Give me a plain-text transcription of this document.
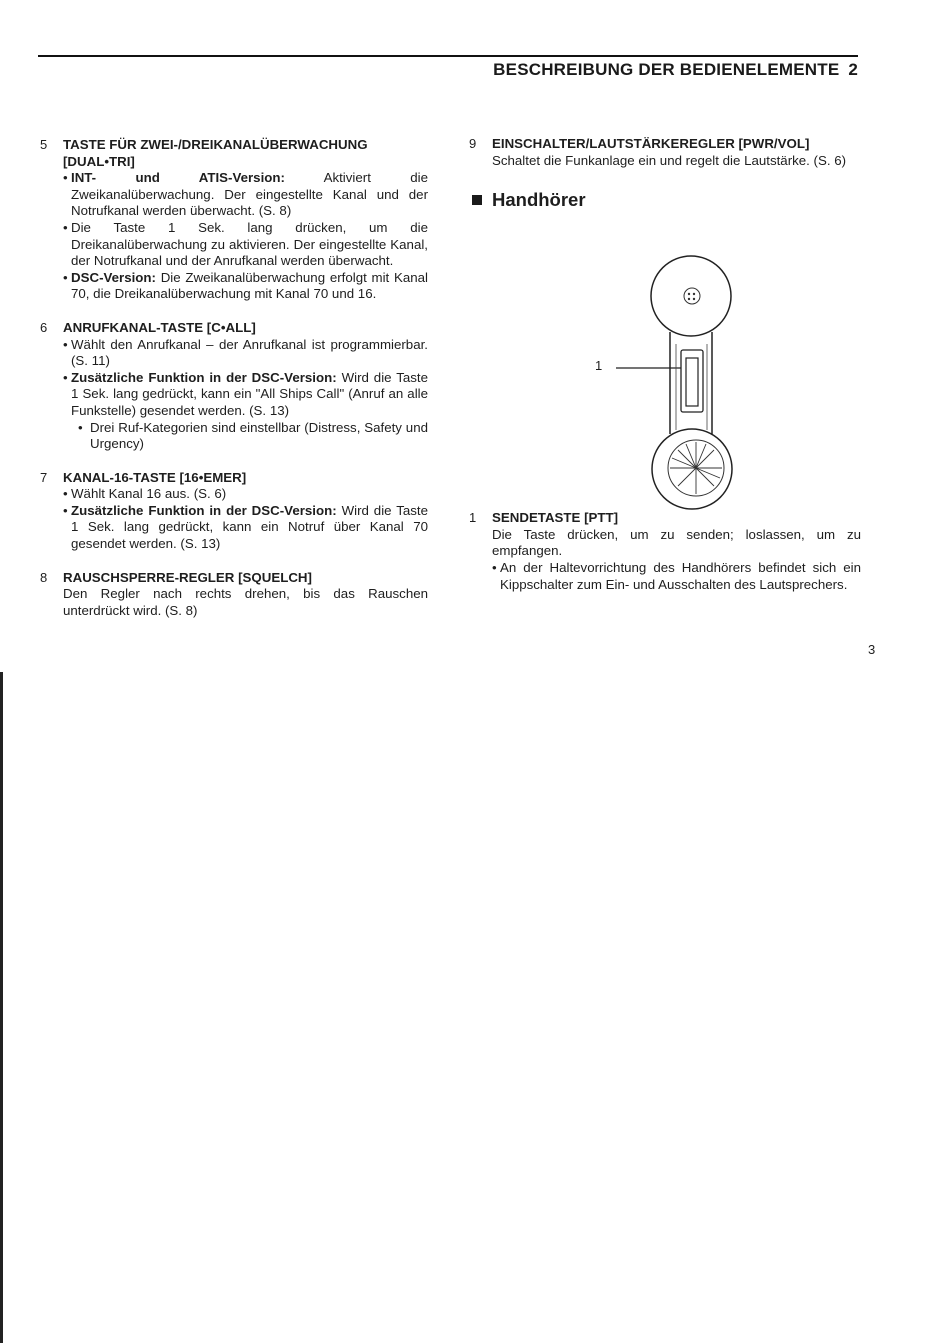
BESCHREIBUNG DER BEDIENELEMENTE 2
5 TASTE FÜR ZWEI-/DREIKANALÜBERWACHUNG [DUAL•TRI]
• INT- und ATIS-Version: Aktiviert die Zweikanalüberwachung. Der eingestellte Kanal und der Notrufkanal werden überwacht. (S. 8)
• Die Taste 1 Sek. lang drücken, um die Dreikanalüberwachung zu aktivieren. Der eingestellte Kanal, der Notrufkanal und der Anrufkanal werden überwacht.
• DSC-Version: Die Zweikanalüberwachung erfolgt mit Kanal 70, die Dreikanalüberwachung mit Kanal 70 und 16.
6 ANRUFKANAL-TASTE [C•ALL]
• Wählt den Anrufkanal – der Anrufkanal ist programmierbar. (S. 11)
• Zusätzliche Funktion in der DSC-Version: Wird die Taste 1 Sek. lang gedrückt, kann ein "All Ships Call" (Anruf an alle Funkstelle) gesendet werden. (S. 13)
• Drei Ruf-Kategorien sind einstellbar (Distress, Safety und Urgency)
7 KANAL-16-TASTE [16•EMER]
• Wählt Kanal 16 aus. (S. 6)
• Zusätzliche Funktion in der DSC-Version: Wird die Taste 1 Sek. lang gedrückt, kann ein Notruf über Kanal 70 gesendet werden. (S. 13)
8 RAUSCHSPERRE-REGLER [SQUELCH]
Den Regler nach rechts drehen, bis das Rauschen unterdrückt wird. (S. 8)
9 EINSCHALTER/LAUTSTÄRKEREGLER [PWR/VOL]
Schaltet die Funkanlage ein und regelt die Lautstärke. (S. 6)
Handhörer
1 SENDETASTE [PTT]
Die Taste drücken, um zu senden; loslassen, um zu empfangen.
• An der Haltevorrichtung des Handhörers befindet sich ein Kippschalter zum Ein- und Ausschalten des Lautsprechers.
1
3
